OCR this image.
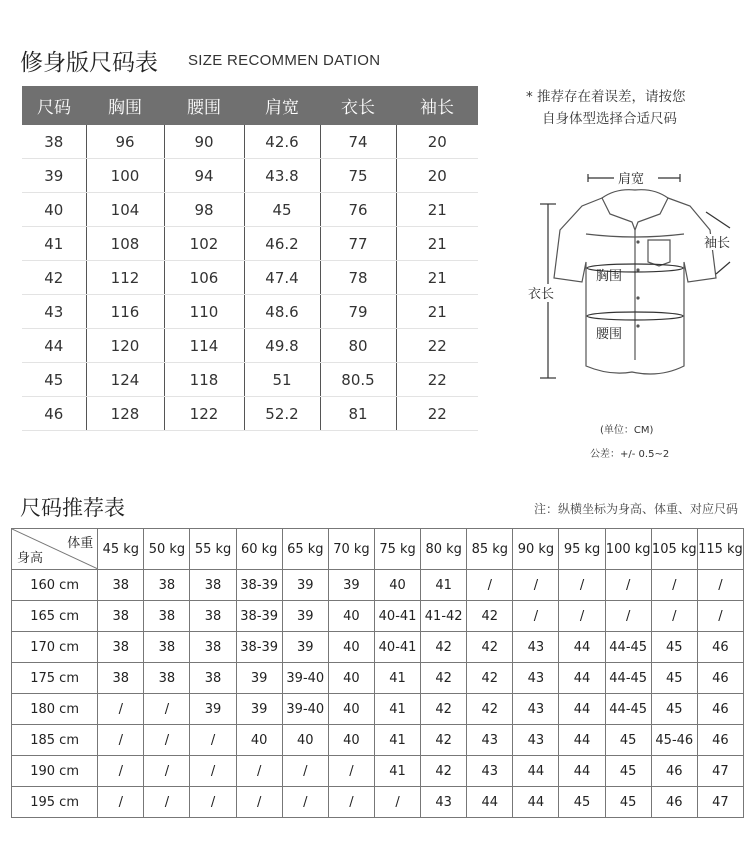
修身版尺码表 SIZE RECOMMEN DATION
尺码	胸围	腰围	肩宽	衣长	袖长
38	96	90	42.6	74	20
39	100	94	43.8	75	20
40	104	98	45	76	21
41	108	102	46.2	77	21
42	112	106	47.4	78	21
43	116	110	48.6	79	21
44	120	114	49.8	80	22
45	124	118	51	80.5	22
46	128	122	52.2	81	22
* 推荐存在着误差，请按您
自身体型选择合适尺码
肩宽
袖长
衣长
胸围
腰围
(单位：CM)
公差：+/- 0.5~2
尺码推荐表	注：纵横坐标为身高、体重、对应尺码
体重
身高	45 kg	50 kg	55 kg	60 kg	65 kg	70 kg	75 kg	80 kg	85 kg	90 kg	95 kg	100 kg	105 kg	115 kg
160 cm	38	38	38	38-39	39	39	40	41	/	/	/	/	/	/
165 cm	38	38	38	38-39	39	40	40-41	41-42	42	/	/	/	/	/
170 cm	38	38	38	38-39	39	40	40-41	42	42	43	44	44-45	45	46
175 cm	38	38	38	39	39-40	40	41	42	42	43	44	44-45	45	46
180 cm	/	/	39	39	39-40	40	41	42	42	43	44	44-45	45	46
185 cm	/	/	/	40	40	40	41	42	43	43	44	45	45-46	46
190 cm	/	/	/	/	/	/	41	42	43	44	44	45	46	47
195 cm	/	/	/	/	/	/	/	43	44	44	45	45	46	47
